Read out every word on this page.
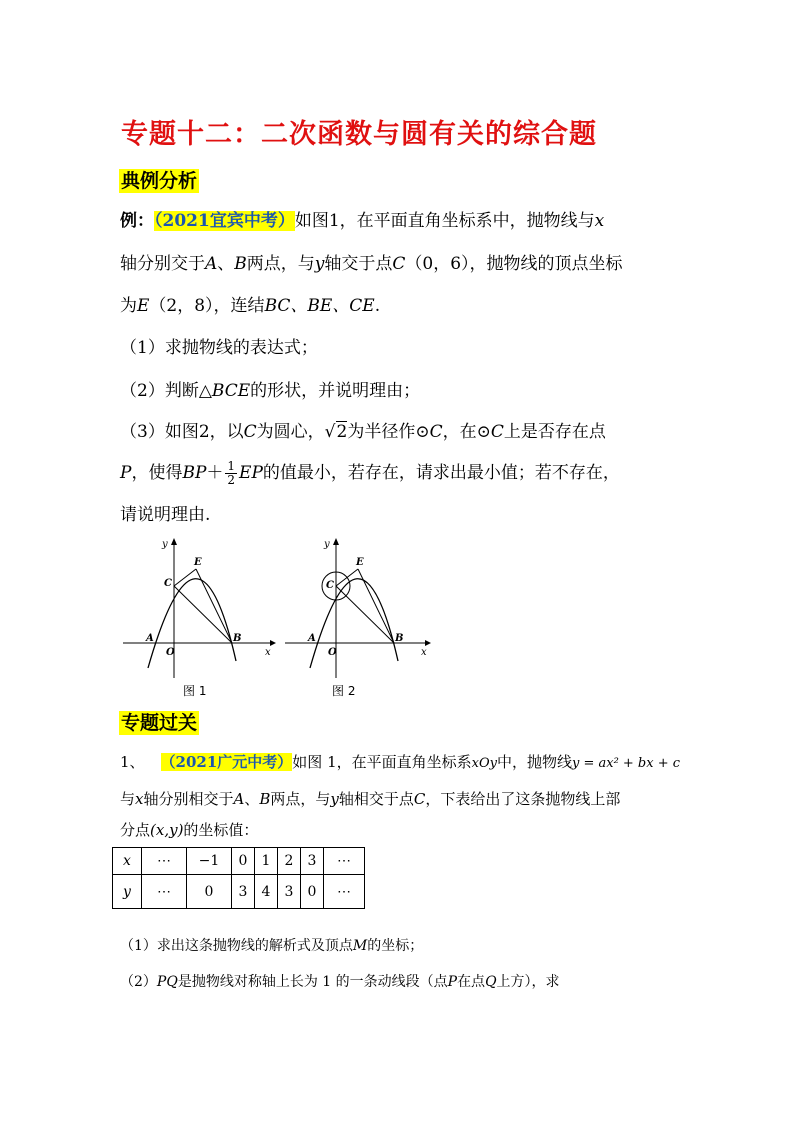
专题十二：二次函数与圆有关的综合题
典例分析
例：（2021宜宾中考）如图1，在平面直角坐标系中，抛物线与x
轴分别交于A、B两点，与y轴交于点C（0，6），抛物线的顶点坐标
为E（2，8），连结BC、BE、CE.
（1）求抛物线的表达式；
（2）判断△BCE的形状，并说明理由；
（3）如图2，以C为圆心，√2为半径作⊙C，在⊙C上是否存在点
P，使得$BP+ \frac{1}{2}$ EP的值最小，若存在，请求出最小值；若不存在，
请说明理由.
y
x
E
C
A	B
O
图 1
y
x
E
C
A	B
O
图 2
专题过关
1、 （2021广元中考）如图 1，在平面直角坐标系xOy中，抛物线y = ax² + bx + c
与x轴分别相交于A、B两点，与y轴相交于点C，下表给出了这条抛物线上部
分点(x,y)的坐标值：
x	⋯	−1	0	1	2	3	⋯
y	⋯	0	3	4	3	0	⋯
（1）求出这条抛物线的解析式及顶点M的坐标；
（2）PQ是抛物线对称轴上长为 1 的一条动线段（点P在点Q上方），求
